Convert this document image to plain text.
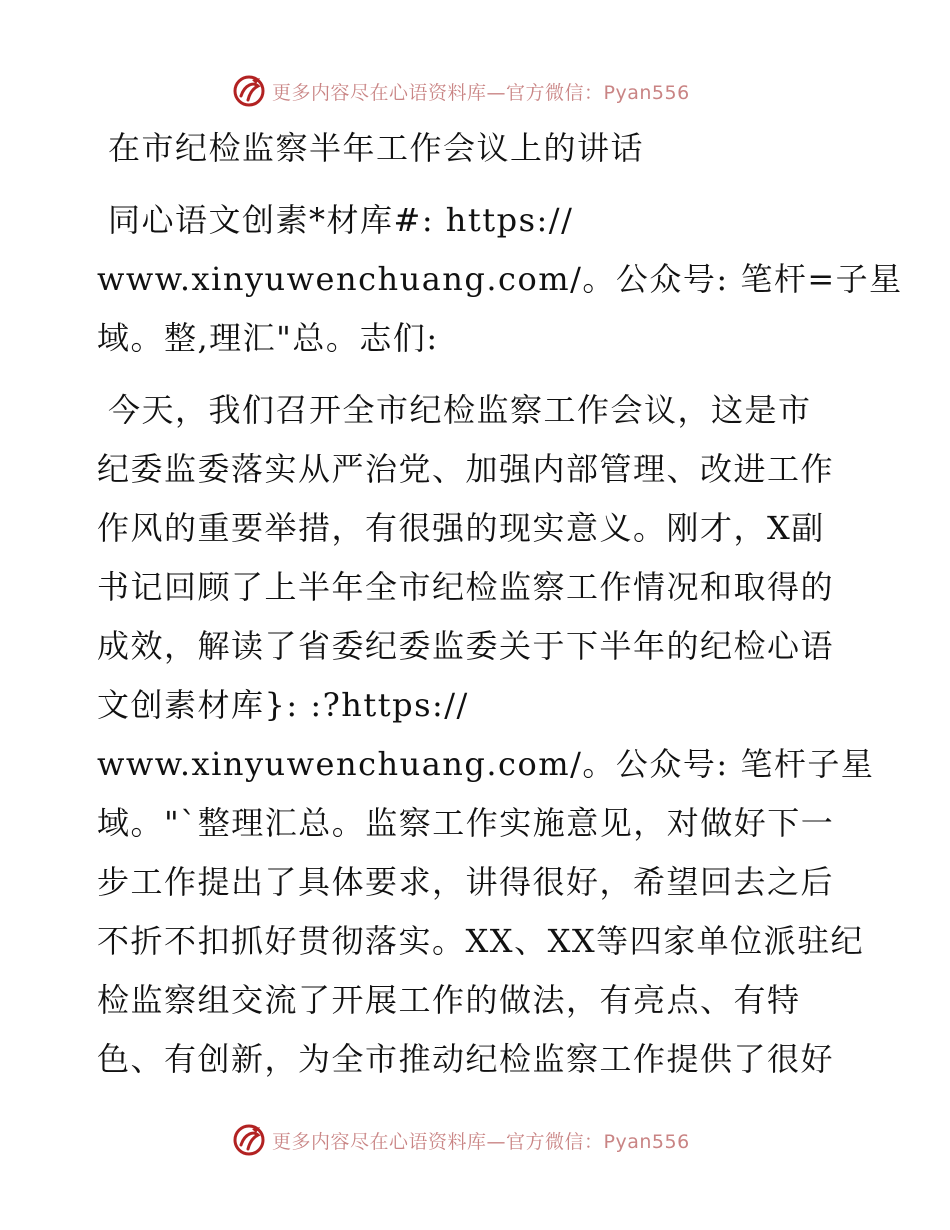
更多内容尽在心语资料库—官方微信：Pyan556
在市纪检监察半年工作会议上的讲话
同心语文创素*材库#: https://
www.xinyuwenchuang.com/。公众号: 笔杆=子星
域。整,理汇"总。志们:
今天，我们召开全市纪检监察工作会议，这是市
纪委监委落实从严治党、加强内部管理、改进工作
作风的重要举措，有很强的现实意义。刚才，X副
书记回顾了上半年全市纪检监察工作情况和取得的
成效，解读了省委纪委监委关于下半年的纪检心语
文创素材库}: :?https://
www.xinyuwenchuang.com/。公众号: 笔杆子星
域。"`整理汇总。监察工作实施意见，对做好下一
步工作提出了具体要求，讲得很好，希望回去之后
不折不扣抓好贯彻落实。XX、XX等四家单位派驻纪
检监察组交流了开展工作的做法，有亮点、有特
色、有创新，为全市推动纪检监察工作提供了很好
更多内容尽在心语资料库—官方微信：Pyan556
